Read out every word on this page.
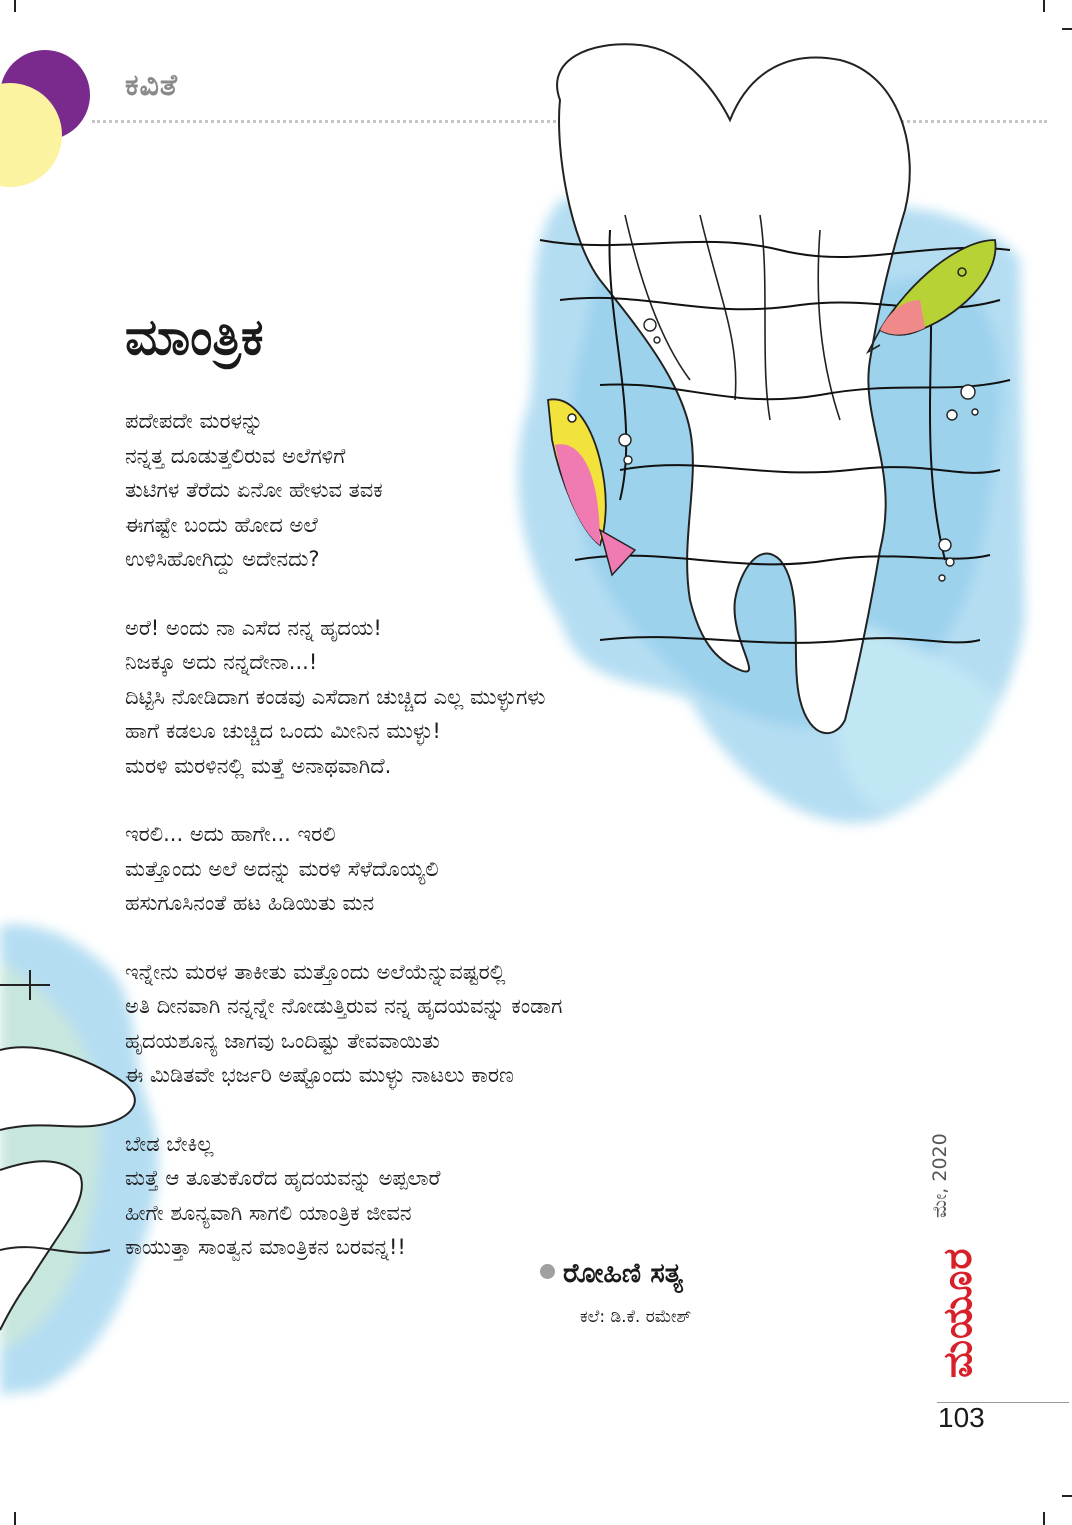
ಕವಿತೆ
ಮಾಂತ್ರಿಕ
ಪದೇಪದೇ ಮರಳನ್ನು
ನನ್ನತ್ತ ದೂಡುತ್ತಲಿರುವ ಅಲೆಗಳಿಗೆ
ತುಟಿಗಳ ತೆರೆದು ಏನೋ ಹೇಳುವ ತವಕ
ಈಗಷ್ಟೇ ಬಂದು ಹೋದ ಅಲೆ
ಉಳಿಸಿಹೋಗಿದ್ದು ಅದೇನದು?
ಅರೆ! ಅಂದು ನಾ ಎಸೆದ ನನ್ನ ಹೃದಯ!
ನಿಜಕ್ಕೂ ಅದು ನನ್ನದೇನಾ...!
ದಿಟ್ಟಿಸಿ ನೋಡಿದಾಗ ಕಂಡವು ಎಸೆದಾಗ ಚುಚ್ಚಿದ ಎಲ್ಲ ಮುಳ್ಳುಗಳು
ಹಾಗೆ ಕಡಲೂ ಚುಚ್ಚಿದ ಒಂದು ಮೀನಿನ ಮುಳ್ಳು!
ಮರಳಿ ಮರಳಿನಲ್ಲಿ ಮತ್ತೆ ಅನಾಥವಾಗಿದೆ.
ಇರಲಿ... ಅದು ಹಾಗೇ... ಇರಲಿ
ಮತ್ತೊಂದು ಅಲೆ ಅದನ್ನು ಮರಳಿ ಸೆಳೆದೊಯ್ಯಲಿ
ಹಸುಗೂಸಿನಂತೆ ಹಟ ಹಿಡಿಯಿತು ಮನ
ಇನ್ನೇನು ಮರಳ ತಾಕೀತು ಮತ್ತೊಂದು ಅಲೆಯೆನ್ನುವಷ್ಟರಲ್ಲಿ
ಅತಿ ದೀನವಾಗಿ ನನ್ನನ್ನೇ ನೋಡುತ್ತಿರುವ ನನ್ನ ಹೃದಯವನ್ನು ಕಂಡಾಗ
ಹೃದಯಶೂನ್ಯ ಜಾಗವು ಒಂದಿಷ್ಟು ತೇವವಾಯಿತು
ಈ ಮಿಡಿತವೇ ಭರ್ಜರಿ ಅಷ್ಟೊಂದು ಮುಳ್ಳು ನಾಟಲು ಕಾರಣ
ಬೇಡ ಬೇಕಿಲ್ಲ
ಮತ್ತೆ ಆ ತೂತುಕೊರೆದ ಹೃದಯವನ್ನು ಅಪ್ಪಲಾರೆ
ಹೀಗೇ ಶೂನ್ಯವಾಗಿ ಸಾಗಲಿ ಯಾಂತ್ರಿಕ ಜೀವನ
ಕಾಯುತ್ತಾ ಸಾಂತ್ವನ ಮಾಂತ್ರಿಕನ ಬರವನ್ನ!!
ರೋಹಿಣಿ ಸತ್ಯ
ಕಲೆ: ಡಿ.ಕೆ. ರಮೇಶ್
ಮೇ, 2020
ಮಯೂರ
103
